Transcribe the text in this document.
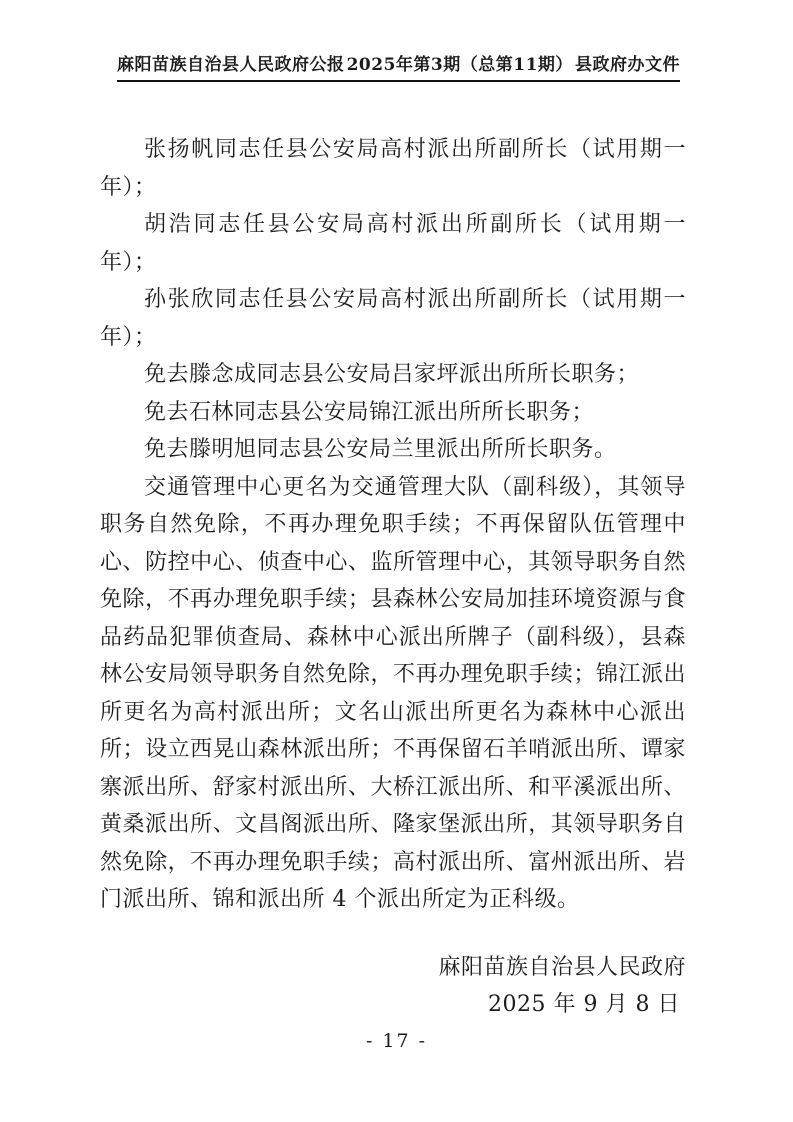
麻阳苗族自治县人民政府公报 2025年第3期（总第11期） 县政府办文件

张扬帆同志任县公安局高村派出所副所长（试用期一年）；

胡浩同志任县公安局高村派出所副所长（试用期一年）；

孙张欣同志任县公安局高村派出所副所长（试用期一年）；

免去滕念成同志县公安局吕家坪派出所所长职务；

免去石林同志县公安局锦江派出所所长职务；

免去滕明旭同志县公安局兰里派出所所长职务。

交通管理中心更名为交通管理大队（副科级），其领导职务自然免除，不再办理免职手续；不再保留队伍管理中心、防控中心、侦查中心、监所管理中心，其领导职务自然免除，不再办理免职手续；县森林公安局加挂环境资源与食品药品犯罪侦查局、森林中心派出所牌子（副科级），县森林公安局领导职务自然免除，不再办理免职手续；锦江派出所更名为高村派出所；文名山派出所更名为森林中心派出所；设立西晃山森林派出所；不再保留石羊哨派出所、谭家寨派出所、舒家村派出所、大桥江派出所、和平溪派出所、黄桑派出所、文昌阁派出所、隆家堡派出所，其领导职务自然免除，不再办理免职手续；高村派出所、富州派出所、岩门派出所、锦和派出所 4 个派出所定为正科级。

麻阳苗族自治县人民政府
2025 年 9 月 8 日
- 17 -
